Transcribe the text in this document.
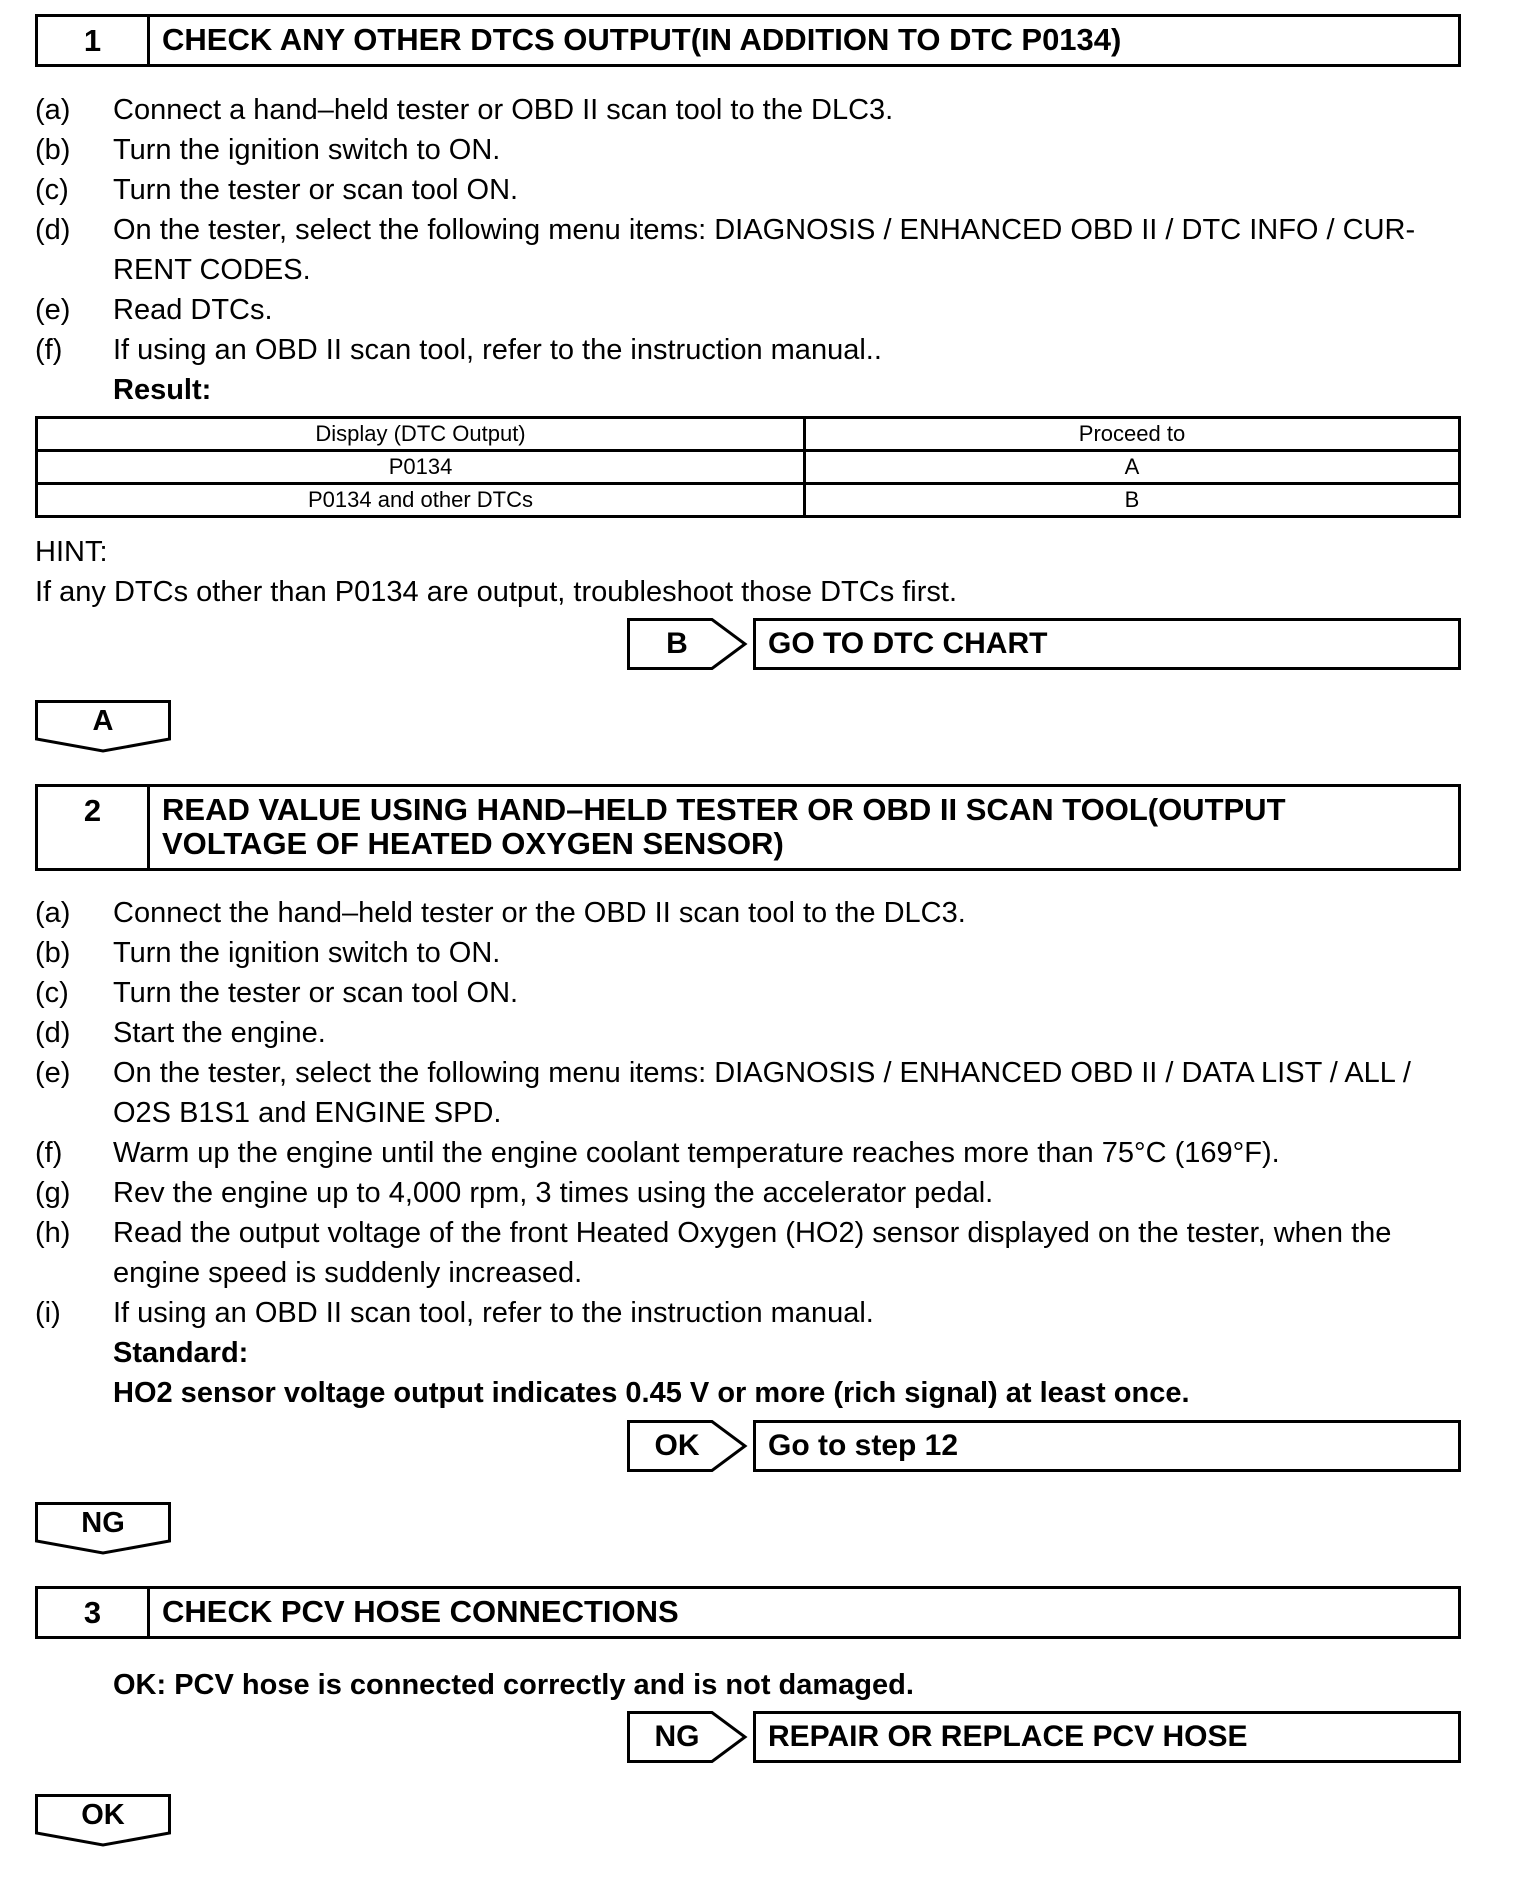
1	CHECK ANY OTHER DTCS OUTPUT(IN ADDITION TO DTC P0134)
(a)	Connect a hand–held tester or OBD II scan tool to the DLC3.
(b)	Turn the ignition switch to ON.
(c)	Turn the tester or scan tool ON.
(d)	On the tester, select the following menu items: DIAGNOSIS / ENHANCED OBD II / DTC INFO / CUR- RENT CODES.
(e)	Read DTCs.
(f)	If using an OBD II scan tool, refer to the instruction manual..
Result:
Display (DTC Output)	Proceed to
P0134	A
P0134 and other DTCs	B
HINT:
If any DTCs other than P0134 are output, troubleshoot those DTCs first.
B	GO TO DTC CHART
A
2	READ VALUE USING HAND–HELD TESTER OR OBD II SCAN TOOL(OUTPUT
VOLTAGE OF HEATED OXYGEN SENSOR)
(a)	Connect the hand–held tester or the OBD II scan tool to the DLC3.
(b)	Turn the ignition switch to ON.
(c)	Turn the tester or scan tool ON.
(d)	Start the engine.
(e)	On the tester, select the following menu items: DIAGNOSIS / ENHANCED OBD II / DATA LIST / ALL / O2S B1S1 and ENGINE SPD.
(f)	Warm up the engine until the engine coolant temperature reaches more than 75°C (169°F).
(g)	Rev the engine up to 4,000 rpm, 3 times using the accelerator pedal.
(h)	Read the output voltage of the front Heated Oxygen (HO2) sensor displayed on the tester, when the engine speed is suddenly increased.
(i)	If using an OBD II scan tool, refer to the instruction manual.
Standard:
HO2 sensor voltage output indicates 0.45 V or more (rich signal) at least once.
OK	Go to step 12
NG
3	CHECK PCV HOSE CONNECTIONS
OK: PCV hose is connected correctly and is not damaged.
NG	REPAIR OR REPLACE PCV HOSE
OK
